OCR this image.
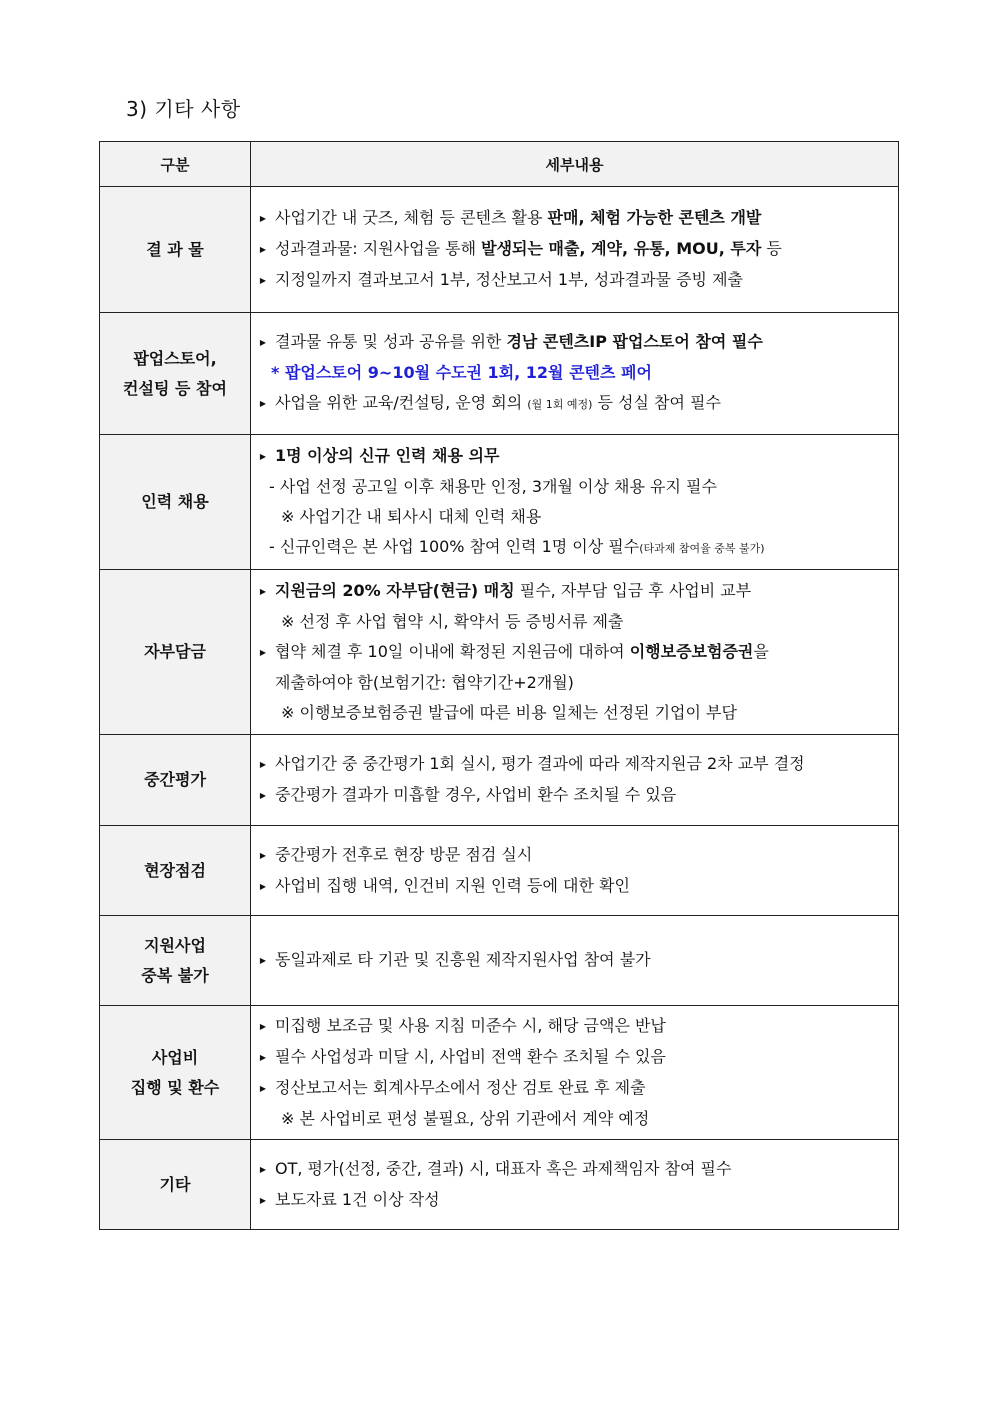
3) 기타 사항
구분	세부내용

결 과 물	▶ 사업기간 내 굿즈, 체험 등 콘텐츠 활용 판매, 체험 가능한 콘텐츠 개발
▶ 성과결과물: 지원사업을 통해 발생되는 매출, 계약, 유통, MOU, 투자 등
▶ 지정일까지 결과보고서 1부, 정산보고서 1부, 성과결과물 증빙 제출

팝업스토어,
컨설팅 등 참여	▶ 결과물 유통 및 성과 공유를 위한 경남 콘텐츠IP 팝업스토어 참여 필수
* 팝업스토어 9~10월 수도권 1회, 12월 콘텐츠 페어
▶ 사업을 위한 교육/컨설팅, 운영 회의 (월 1회 예정) 등 성실 참여 필수

인력 채용	▶ 1명 이상의 신규 인력 채용 의무
- 사업 선정 공고일 이후 채용만 인정, 3개월 이상 채용 유지 필수
※ 사업기간 내 퇴사시 대체 인력 채용
- 신규인력은 본 사업 100% 참여 인력 1명 이상 필수(타과제 참여율 중복 불가)

자부담금	▶ 지원금의 20% 자부담(현금) 매칭 필수, 자부담 입금 후 사업비 교부
※ 선정 후 사업 협약 시, 확약서 등 증빙서류 제출
▶ 협약 체결 후 10일 이내에 확정된 지원금에 대하여 이행보증보험증권을
제출하여야 함(보험기간: 협약기간+2개월)
※ 이행보증보험증권 발급에 따른 비용 일체는 선정된 기업이 부담

중간평가	▶ 사업기간 중 중간평가 1회 실시, 평가 결과에 따라 제작지원금 2차 교부 결정
▶ 중간평가 결과가 미흡할 경우, 사업비 환수 조치될 수 있음

현장점검	▶ 중간평가 전후로 현장 방문 점검 실시
▶ 사업비 집행 내역, 인건비 지원 인력 등에 대한 확인

지원사업
중복 불가	▶ 동일과제로 타 기관 및 진흥원 제작지원사업 참여 불가

사업비
집행 및 환수	▶ 미집행 보조금 및 사용 지침 미준수 시, 해당 금액은 반납
▶ 필수 사업성과 미달 시, 사업비 전액 환수 조치될 수 있음
▶ 정산보고서는 회계사무소에서 정산 검토 완료 후 제출
※ 본 사업비로 편성 불필요, 상위 기관에서 계약 예정

기타	▶ OT, 평가(선정, 중간, 결과) 시, 대표자 혹은 과제책임자 참여 필수
▶ 보도자료 1건 이상 작성
